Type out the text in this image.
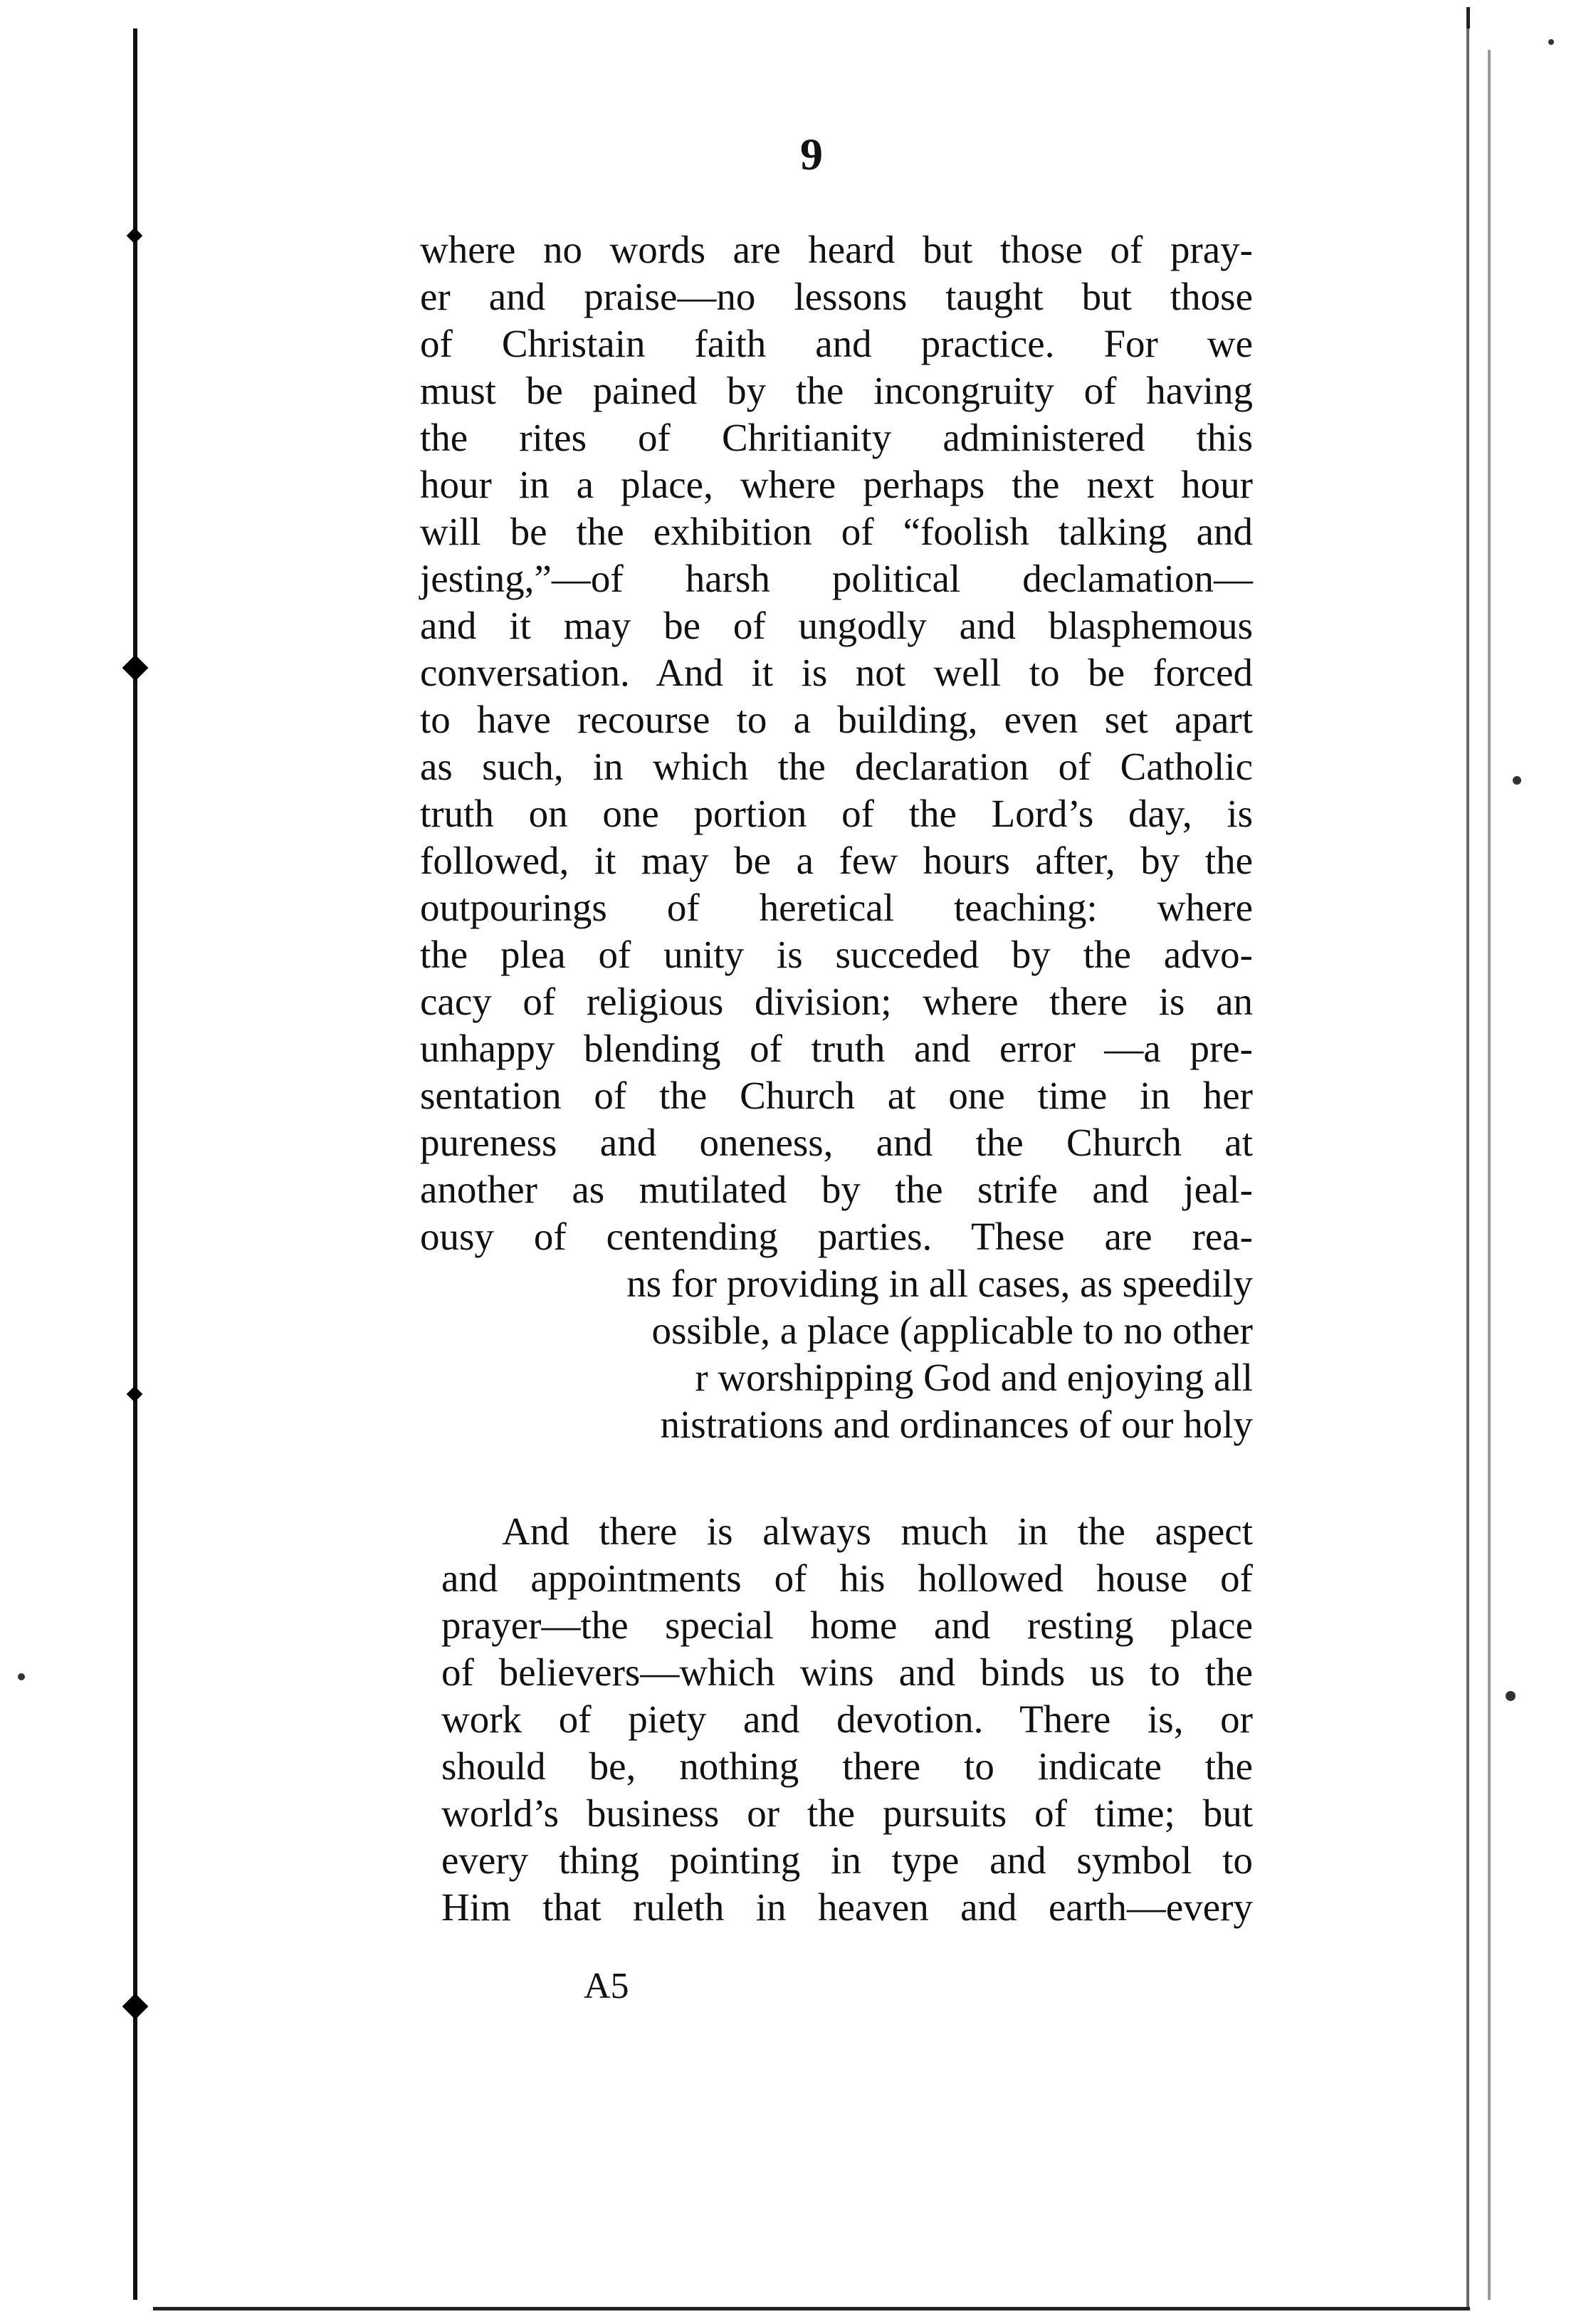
9
where no words are heard but those of pray-
er and praise—no lessons taught but those
of Christain faith and practice. For we
must be pained by the incongruity of having
the rites of Chritianity administered this
hour in a place, where perhaps the next hour
will be the exhibition of “foolish talking and
jesting,”—of harsh political declamation—
and it may be of ungodly and blasphemous
conversation. And it is not well to be forced
to have recourse to a building, even set apart
as such, in which the declaration of Catholic
truth on one portion of the Lord’s day, is
followed, it may be a few hours after, by the
outpourings of heretical teaching: where
the plea of unity is succeded by the advo-
cacy of religious division; where there is an
unhappy blending of truth and error —a pre-
sentation of the Church at one time in her
pureness and oneness, and the Church at
another as mutilated by the strife and jeal-
ousy of centending parties. These are rea-
ns for providing in all cases, as speedily
ossible, a place (applicable to no other
r worshipping God and enjoying all
nistrations and ordinances of our holy
And there is always much in the aspect
and appointments of his hollowed house of
prayer—the special home and resting place
of believers—which wins and binds us to the
work of piety and devotion. There is, or
should be, nothing there to indicate the
world’s business or the pursuits of time; but
every thing pointing in type and symbol to
Him that ruleth in heaven and earth—every
A5
